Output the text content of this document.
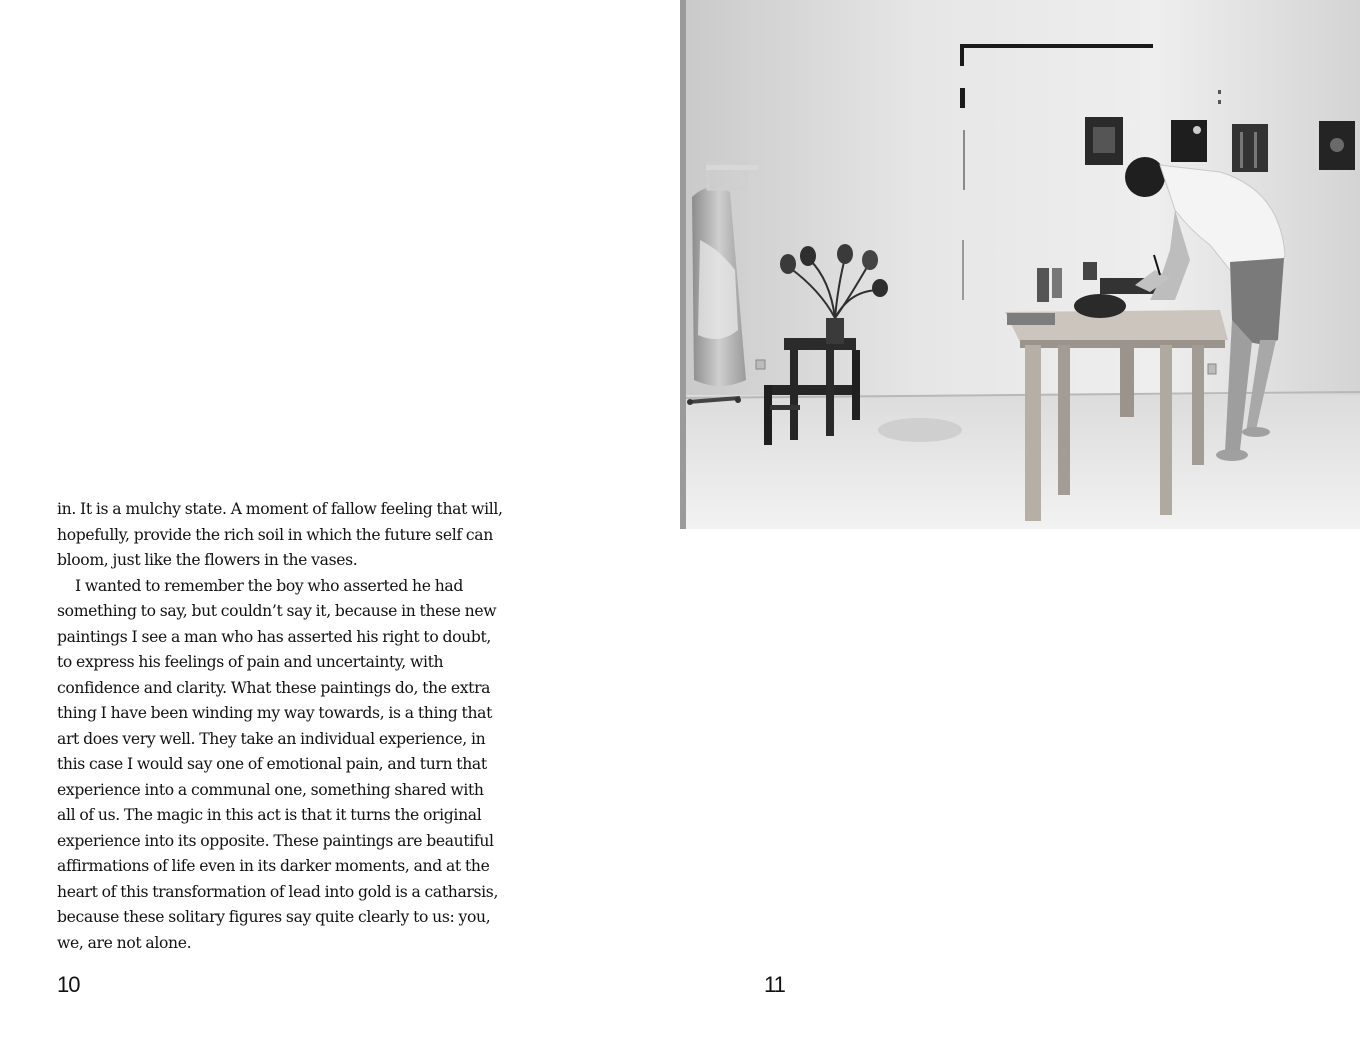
in. It is a mulchy state. A moment of fallow feeling that will, hopefully, provide the rich soil in which the future self can bloom, just like the flowers in the vases.

I wanted to remember the boy who asserted he had something to say, but couldn’t say it, because in these new paintings I see a man who has asserted his right to doubt, to express his feelings of pain and uncertainty, with confidence and clarity. What these paintings do, the extra thing I have been winding my way towards, is a thing that art does very well. They take an individual experience, in this case I would say one of emotional pain, and turn that experience into a communal one, something shared with all of us. The magic in this act is that it turns the original experience into its opposite. These paintings are beautiful affirmations of life even in its darker moments, and at the heart of this transformation of lead into gold is a catharsis, because these solitary figures say quite clearly to us: you, we, are not alone.

10	11
